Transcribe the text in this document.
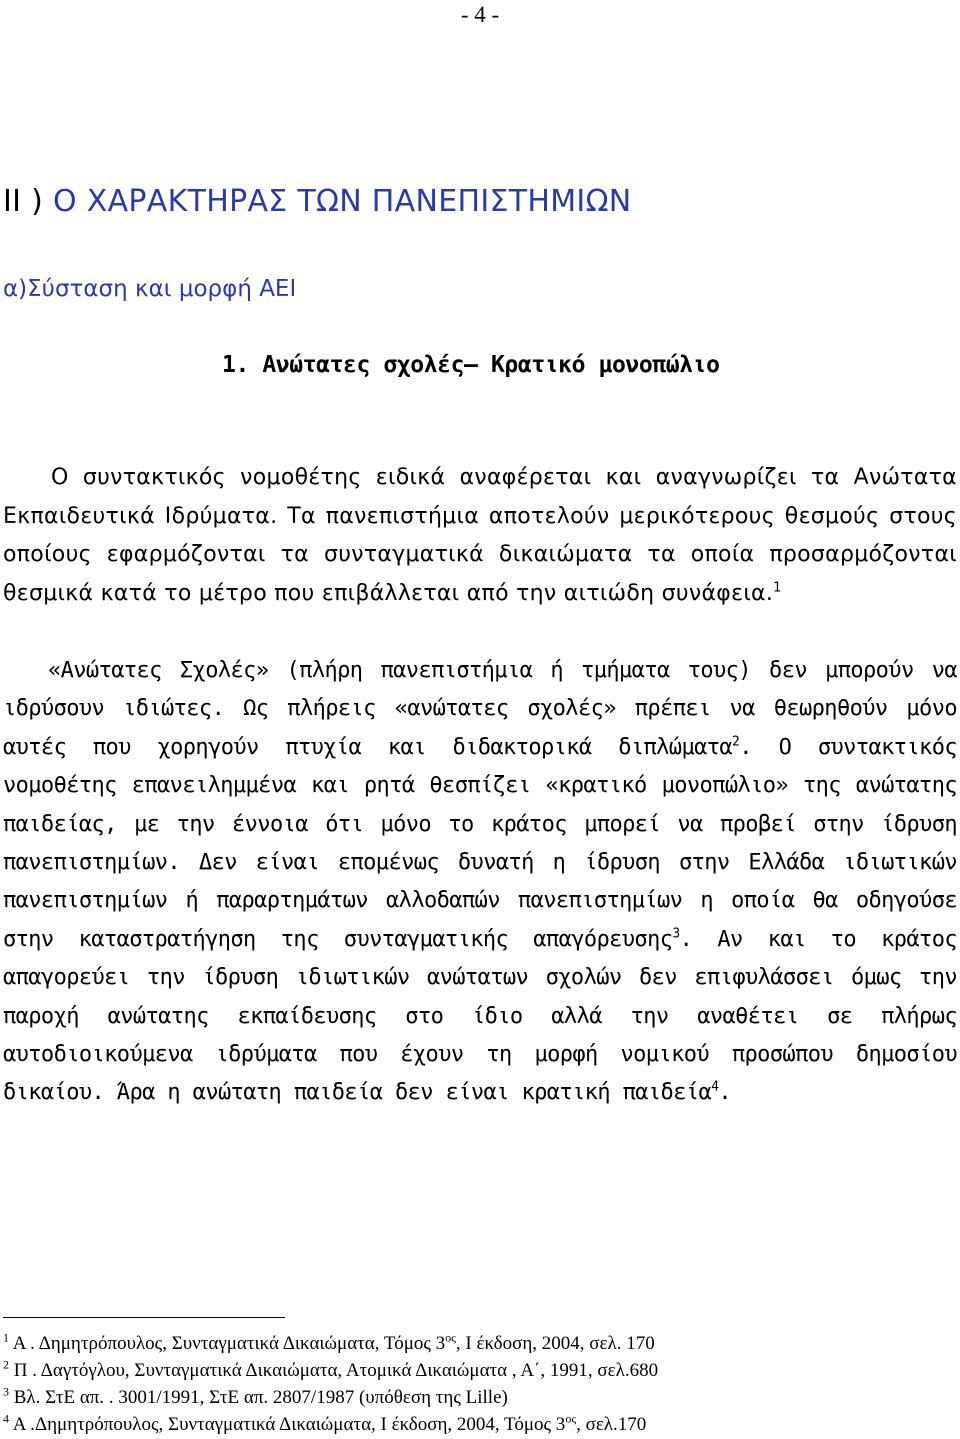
- 4 -
II ) Ο ΧΑΡΑΚΤΗΡΑΣ ΤΩΝ ΠΑΝΕΠΙΣΤΗΜΙΩΝ
α)Σύσταση και μορφή ΑΕΙ
1. Ανώτατες σχολές– Κρατικό μονοπώλιο
Ο συντακτικός νομοθέτης ειδικά αναφέρεται και αναγνωρίζει τα Ανώτατα Εκπαιδευτικά Ιδρύματα. Τα πανεπιστήμια αποτελούν μερικότερους θεσμούς στους οποίους εφαρμόζονται τα συνταγματικά δικαιώματα τα οποία προσαρμόζονται θεσμικά κατά το μέτρο που επιβάλλεται από την αιτιώδη συνάφεια.$^1$
«Ανώτατες Σχολές» (πλήρη πανεπιστήμια ή τμήματα τους) δεν μπορούν να ιδρύσουν ιδιώτες. Ως πλήρεις «ανώτατες σχολές» πρέπει να θεωρηθούν μόνο αυτές που χορηγούν πτυχία και διδακτορικά διπλώματα$^2$. Ο συντακτικός νομοθέτης επανειλημμένα και ρητά θεσπίζει «κρατικό μονοπώλιο» της ανώτατης παιδείας, με την έννοια ότι μόνο το κράτος μπορεί να προβεί στην ίδρυση πανεπιστημίων. Δεν είναι επομένως δυνατή η ίδρυση στην Ελλάδα ιδιωτικών πανεπιστημίων ή παραρτημάτων αλλοδαπών πανεπιστημίων η οποία θα οδηγούσε στην καταστρατήγηση της συνταγματικής απαγόρευσης$^3$. Αν και το κράτος απαγορεύει την ίδρυση ιδιωτικών ανώτατων σχολών δεν επιφυλάσσει όμως την παροχή ανώτατης εκπαίδευσης στο ίδιο αλλά την αναθέτει σε πλήρως αυτοδιοικούμενα ιδρύματα που έχουν τη μορφή νομικού προσώπου δημοσίου δικαίου. Άρα η ανώτατη παιδεία δεν είναι κρατική παιδεία$^4$.
$^1$ Α . Δημητρόπουλος, Συνταγματικά Δικαιώματα, Τόμος $3^{o\varsigma}$, Ι έκδοση, 2004, σελ. 170
$^2$ Π . Δαγτόγλου, Συνταγματικά Δικαιώματα, Ατομικά Δικαιώματα , Α΄, 1991, σελ.680
$^3$ Βλ. ΣτΕ απ. . 3001/1991, ΣτΕ απ. 2807/1987 (υπόθεση της Lille)
$^4$ Α .Δημητρόπουλος, Συνταγματικά Δικαιώματα, Ι έκδοση, 2004, Τόμος $3^{o\varsigma}$, σελ.170
